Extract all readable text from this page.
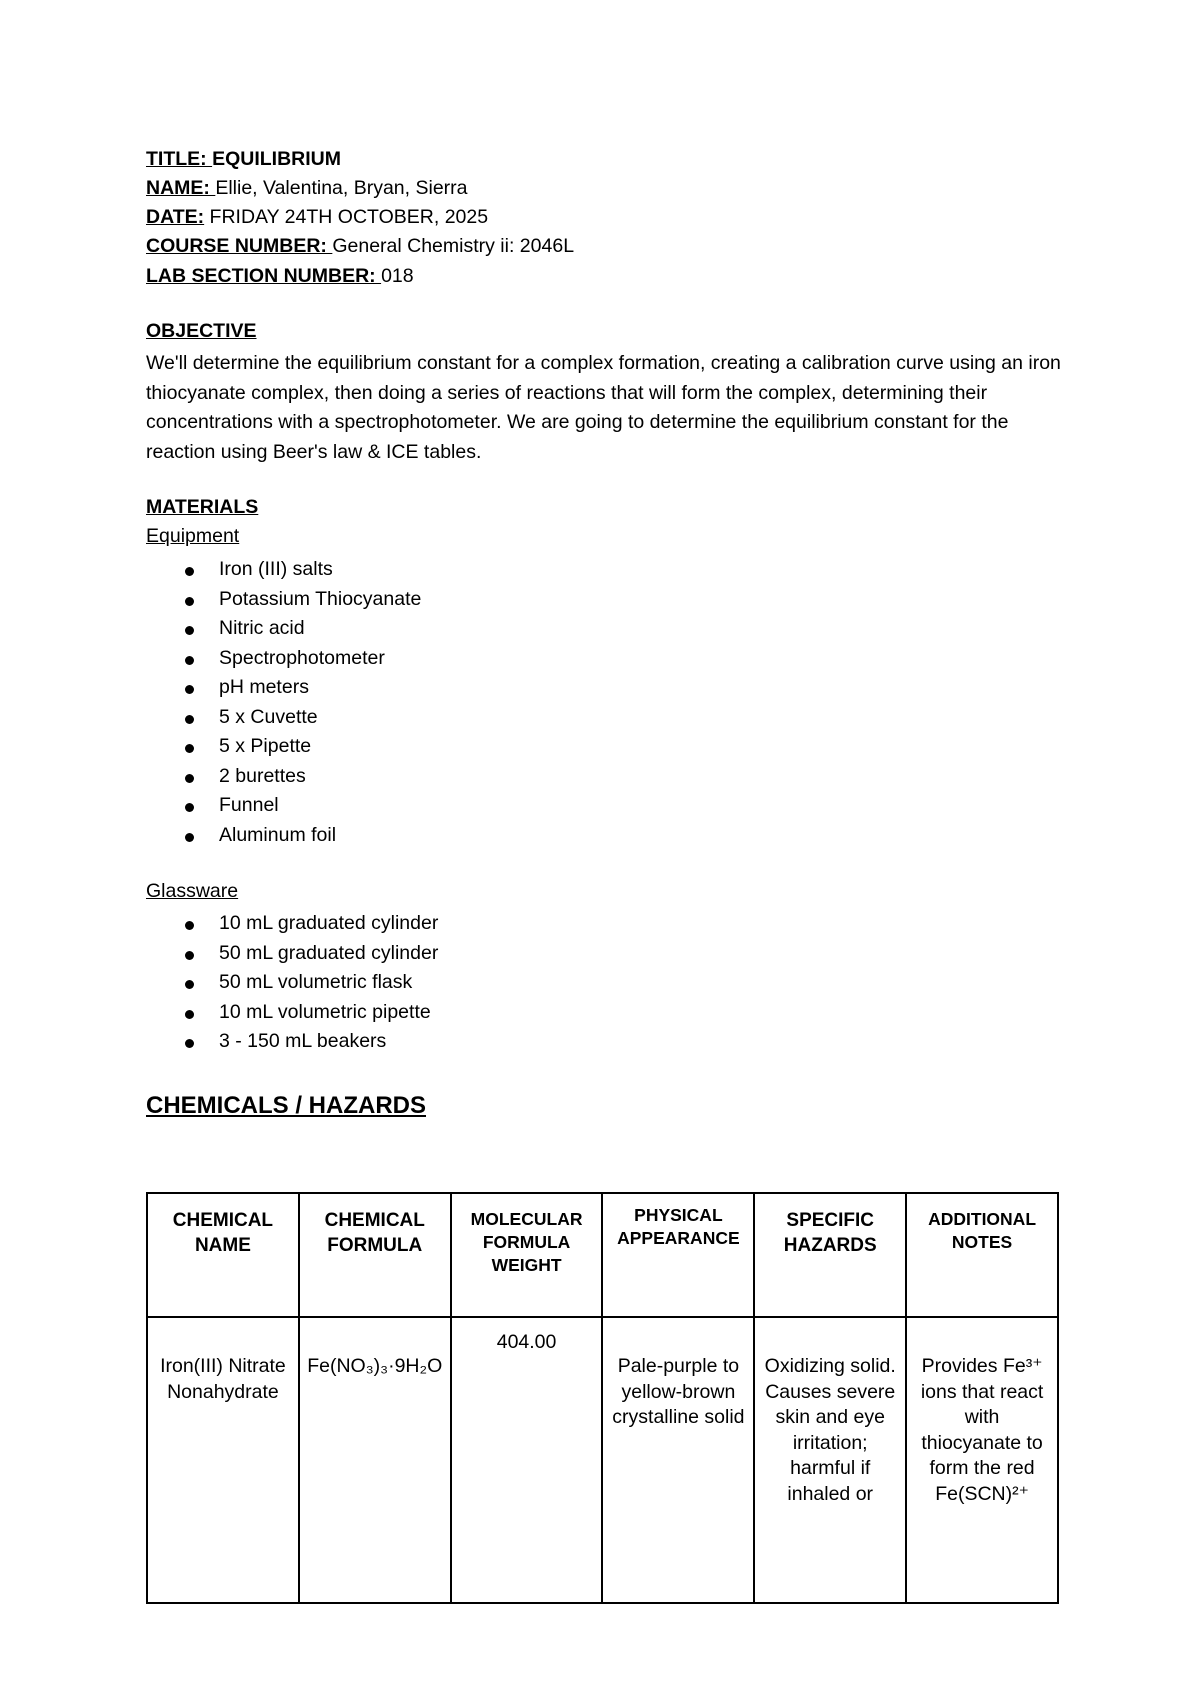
TITLE: EQUILIBRIUM
NAME: Ellie, Valentina, Bryan, Sierra
DATE: FRIDAY 24TH OCTOBER, 2025
COURSE NUMBER: General Chemistry ii: 2046L
LAB SECTION NUMBER: 018
OBJECTIVE
We'll determine the equilibrium constant for a complex formation, creating a calibration curve using an iron thiocyanate complex, then doing a series of reactions that will form the complex, determining their concentrations with a spectrophotometer. We are going to determine the equilibrium constant for the reaction using Beer's law & ICE tables.
MATERIALS
Equipment
Iron (III) salts
Potassium Thiocyanate
Nitric acid
Spectrophotometer
pH meters
5 x Cuvette
5 x Pipette
2 burettes
Funnel
Aluminum foil
Glassware
10 mL graduated cylinder
50 mL graduated cylinder
50 mL volumetric flask
10 mL volumetric pipette
3 - 150 mL beakers
CHEMICALS / HAZARDS
CHEMICAL NAME	CHEMICAL FORMULA	MOLECULAR FORMULA WEIGHT	PHYSICAL APPEARANCE	SPECIFIC HAZARDS	ADDITIONAL NOTES
Iron(III) Nitrate Nonahydrate	Fe(NO₃)₃·9H₂O	404.00	Pale-purple to yellow-brown crystalline solid	Oxidizing solid. Causes severe skin and eye irritation; harmful if inhaled or	Provides Fe³⁺ ions that react with thiocyanate to form the red Fe(SCN)²⁺
